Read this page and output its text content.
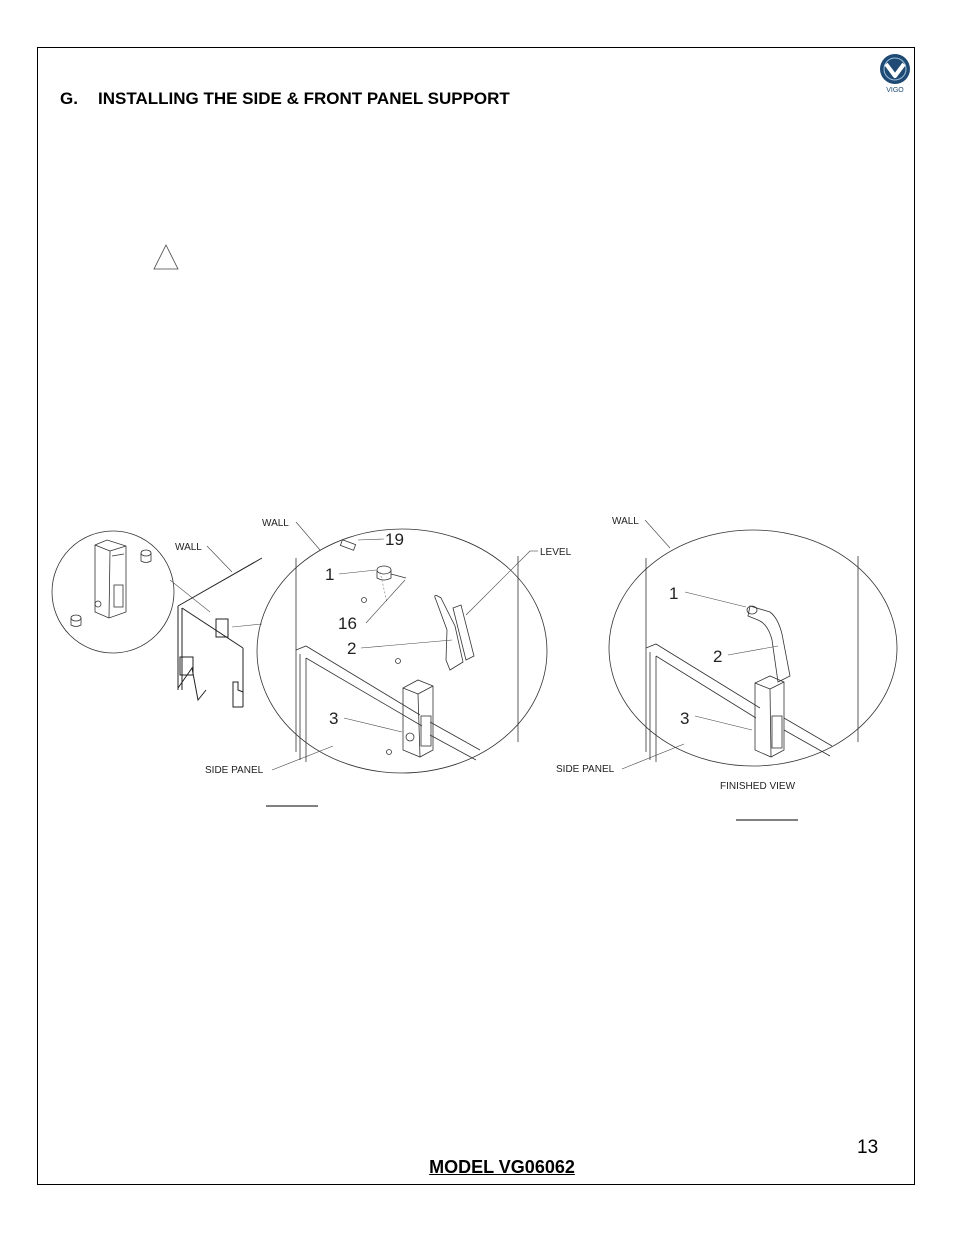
G. INSTALLING THE SIDE & FRONT PANEL SUPPORT	VIGO
WALL
WALL
LEVEL
SIDE PANEL
19
1
16
2
3
WALL
SIDE PANEL
FINISHED VIEW
1
2
3
13
MODEL VG06062
